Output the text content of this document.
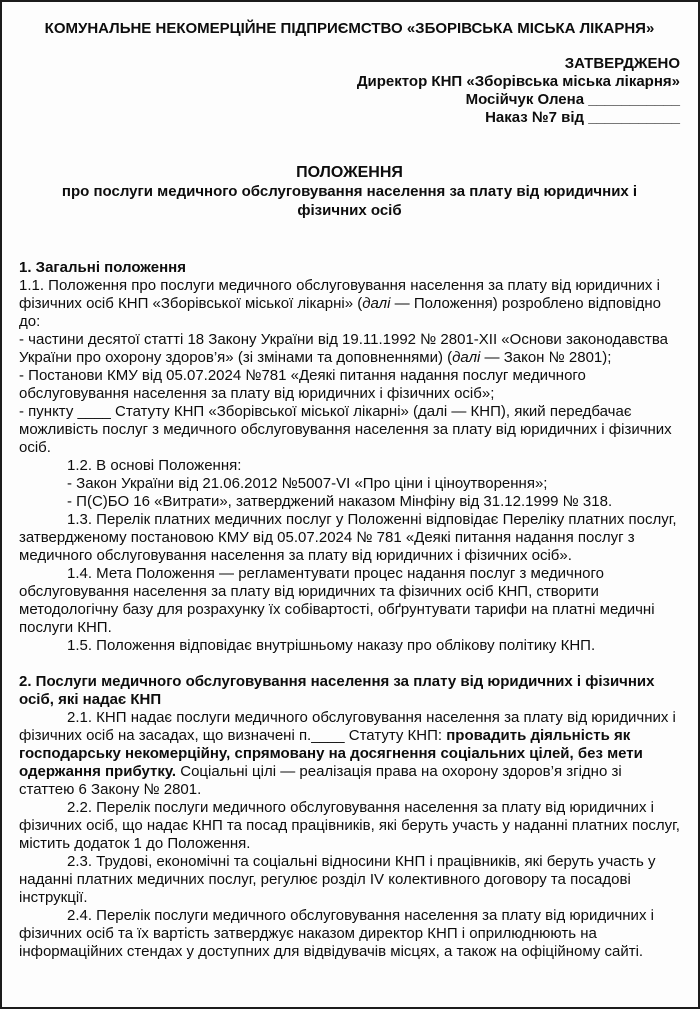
КОМУНАЛЬНЕ НЕКОМЕРЦІЙНЕ ПІДПРИЄМСТВО «ЗБОРІВСЬКА МІСЬКА ЛІКАРНЯ»
ЗАТВЕРДЖЕНО
Директор КНП «Зборівська міська лікарня»
Мосійчук Олена ___________
Наказ №7 від ___________
ПОЛОЖЕННЯ
про послуги медичного обслуговування населення за плату від юридичних і фізичних осіб

1. Загальні положення

1.1. Положення про послуги медичного обслуговування населення за плату від юридичних і фізичних осіб КНП «Зборівської міської лікарні» (далі — Положення) розроблено відповідно до:

- частини десятої статті 18 Закону України від 19.11.1992 № 2801-XII «Основи законодавства України про охорону здоров’я» (зі змінами та доповненнями) (далі — Закон № 2801);

- Постанови КМУ від 05.07.2024 №781 «Деякі питання надання послуг медичного обслуговування населення за плату від юридичних і фізичних осіб»;

- пункту ____ Статуту КНП «Зборівської міської лікарні» (далі — КНП), який передбачає можливість послуг з медичного обслуговування населення за плату від юридичних і фізичних осіб.

1.2. В основі Положення:

- Закон України від 21.06.2012 №5007-VI «Про ціни і ціноутворення»;

- П(С)БО 16 «Витрати», затверджений наказом Мінфіну від 31.12.1999 № 318.

1.3. Перелік платних медичних послуг у Положенні відповідає Переліку платних послуг, затвердженому постановою КМУ від 05.07.2024 № 781 «Деякі питання надання послуг з медичного обслуговування населення за плату від юридичних і фізичних осіб».

1.4. Мета Положення — регламентувати процес надання послуг з медичного обслуговування населення за плату від юридичних та фізичних осіб КНП, створити методологічну базу для розрахунку їх собівартості, обґрунтувати тарифи на платні медичні послуги КНП.

1.5. Положення відповідає внутрішньому наказу про облікову політику КНП.

2. Послуги медичного обслуговування населення за плату від юридичних і фізичних осіб, які надає КНП

2.1. КНП надає послуги медичного обслуговування населення за плату від юридичних і фізичних осіб на засадах, що визначені п.____ Статуту КНП: провадить діяльність як господарську некомерційну, спрямовану на досягнення соціальних цілей, без мети одержання прибутку. Соціальні цілі — реалізація права на охорону здоров’я згідно зі статтею 6 Закону № 2801.

2.2. Перелік послуги медичного обслуговування населення за плату від юридичних і фізичних осіб, що надає КНП та посад працівників, які беруть участь у наданні платних послуг, містить додаток 1 до Положення.

2.3. Трудові, економічні та соціальні відносини КНП і працівників, які беруть участь у наданні платних медичних послуг, регулює розділ IV колективного договору та посадові інструкції.

2.4. Перелік послуги медичного обслуговування населення за плату від юридичних і фізичних осіб та їх вартість затверджує наказом директор КНП і оприлюднюють на інформаційних стендах у доступних для відвідувачів місцях, а також на офіційному сайті.
